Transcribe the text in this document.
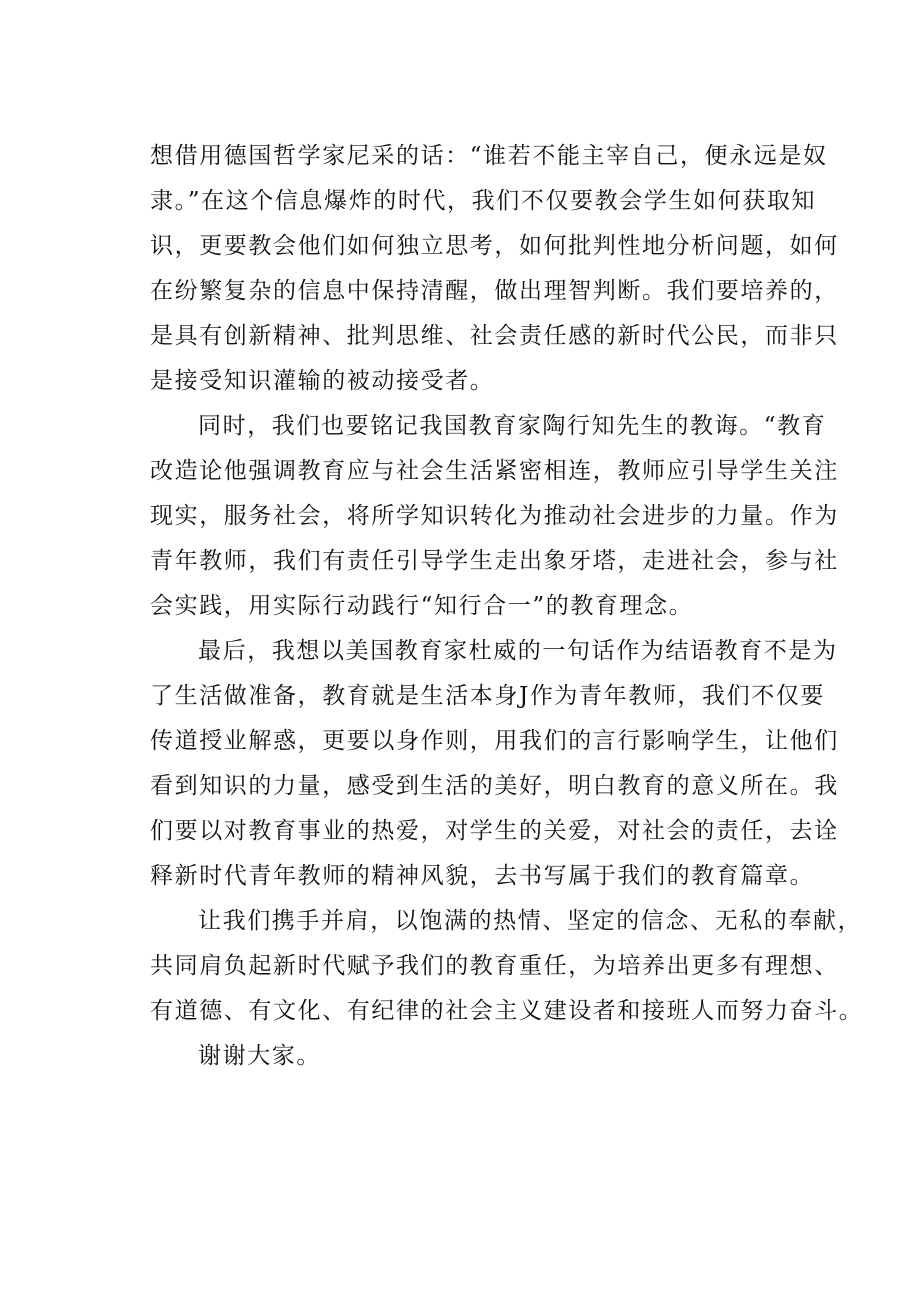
想借用德国哲学家尼采的话：“谁若不能主宰自己，便永远是奴
隶。”在这个信息爆炸的时代，我们不仅要教会学生如何获取知
识，更要教会他们如何独立思考，如何批判性地分析问题，如何
在纷繁复杂的信息中保持清醒，做出理智判断。我们要培养的，
是具有创新精神、批判思维、社会责任感的新时代公民，而非只
是接受知识灌输的被动接受者。
同时，我们也要铭记我国教育家陶行知先生的教诲。“教育
改造论他强调教育应与社会生活紧密相连，教师应引导学生关注
现实，服务社会，将所学知识转化为推动社会进步的力量。作为
青年教师，我们有责任引导学生走出象牙塔，走进社会，参与社
会实践，用实际行动践行“知行合一”的教育理念。
最后，我想以美国教育家杜威的一句话作为结语教育不是为
了生活做准备，教育就是生活本身J作为青年教师，我们不仅要
传道授业解惑，更要以身作则，用我们的言行影响学生，让他们
看到知识的力量，感受到生活的美好，明白教育的意义所在。我
们要以对教育事业的热爱，对学生的关爱，对社会的责任，去诠
释新时代青年教师的精神风貌，去书写属于我们的教育篇章。
让我们携手并肩，以饱满的热情、坚定的信念、无私的奉献，
共同肩负起新时代赋予我们的教育重任，为培养出更多有理想、
有道德、有文化、有纪律的社会主义建设者和接班人而努力奋斗。
谢谢大家。
